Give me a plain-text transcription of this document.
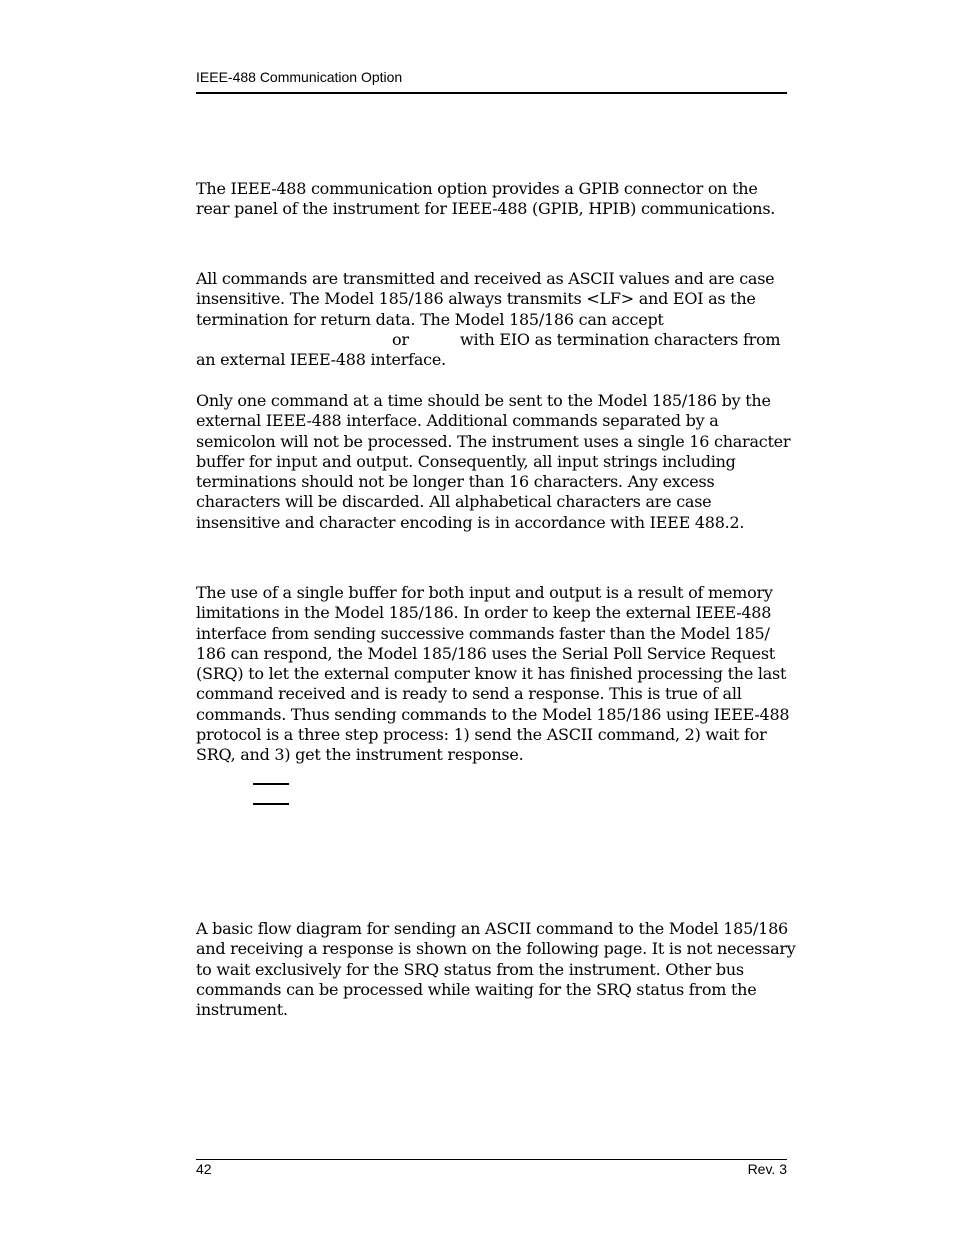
IEEE-488 Communication Option
The IEEE-488 communication option provides a GPIB connector on the
rear panel of the instrument for IEEE-488 (GPIB, HPIB) communications.
All commands are transmitted and received as ASCII values and are case
insensitive. The Model 185/186 always transmits <LF> and EOI as the
termination for return data. The Model 185/186 can accept
or	with EIO as termination characters from
an external IEEE-488 interface.
Only one command at a time should be sent to the Model 185/186 by the
external IEEE-488 interface. Additional commands separated by a
semicolon will not be processed. The instrument uses a single 16 character
buffer for input and output. Consequently, all input strings including
terminations should not be longer than 16 characters. Any excess
characters will be discarded. All alphabetical characters are case
insensitive and character encoding is in accordance with IEEE 488.2.
The use of a single buffer for both input and output is a result of memory
limitations in the Model 185/186. In order to keep the external IEEE-488
interface from sending successive commands faster than the Model 185/
186 can respond, the Model 185/186 uses the Serial Poll Service Request
(SRQ) to let the external computer know it has finished processing the last
command received and is ready to send a response. This is true of all
commands. Thus sending commands to the Model 185/186 using IEEE-488
protocol is a three step process: 1) send the ASCII command, 2) wait for
SRQ, and 3) get the instrument response.
A basic flow diagram for sending an ASCII command to the Model 185/186
and receiving a response is shown on the following page. It is not necessary
to wait exclusively for the SRQ status from the instrument. Other bus
commands can be processed while waiting for the SRQ status from the
instrument.
42	Rev. 3
